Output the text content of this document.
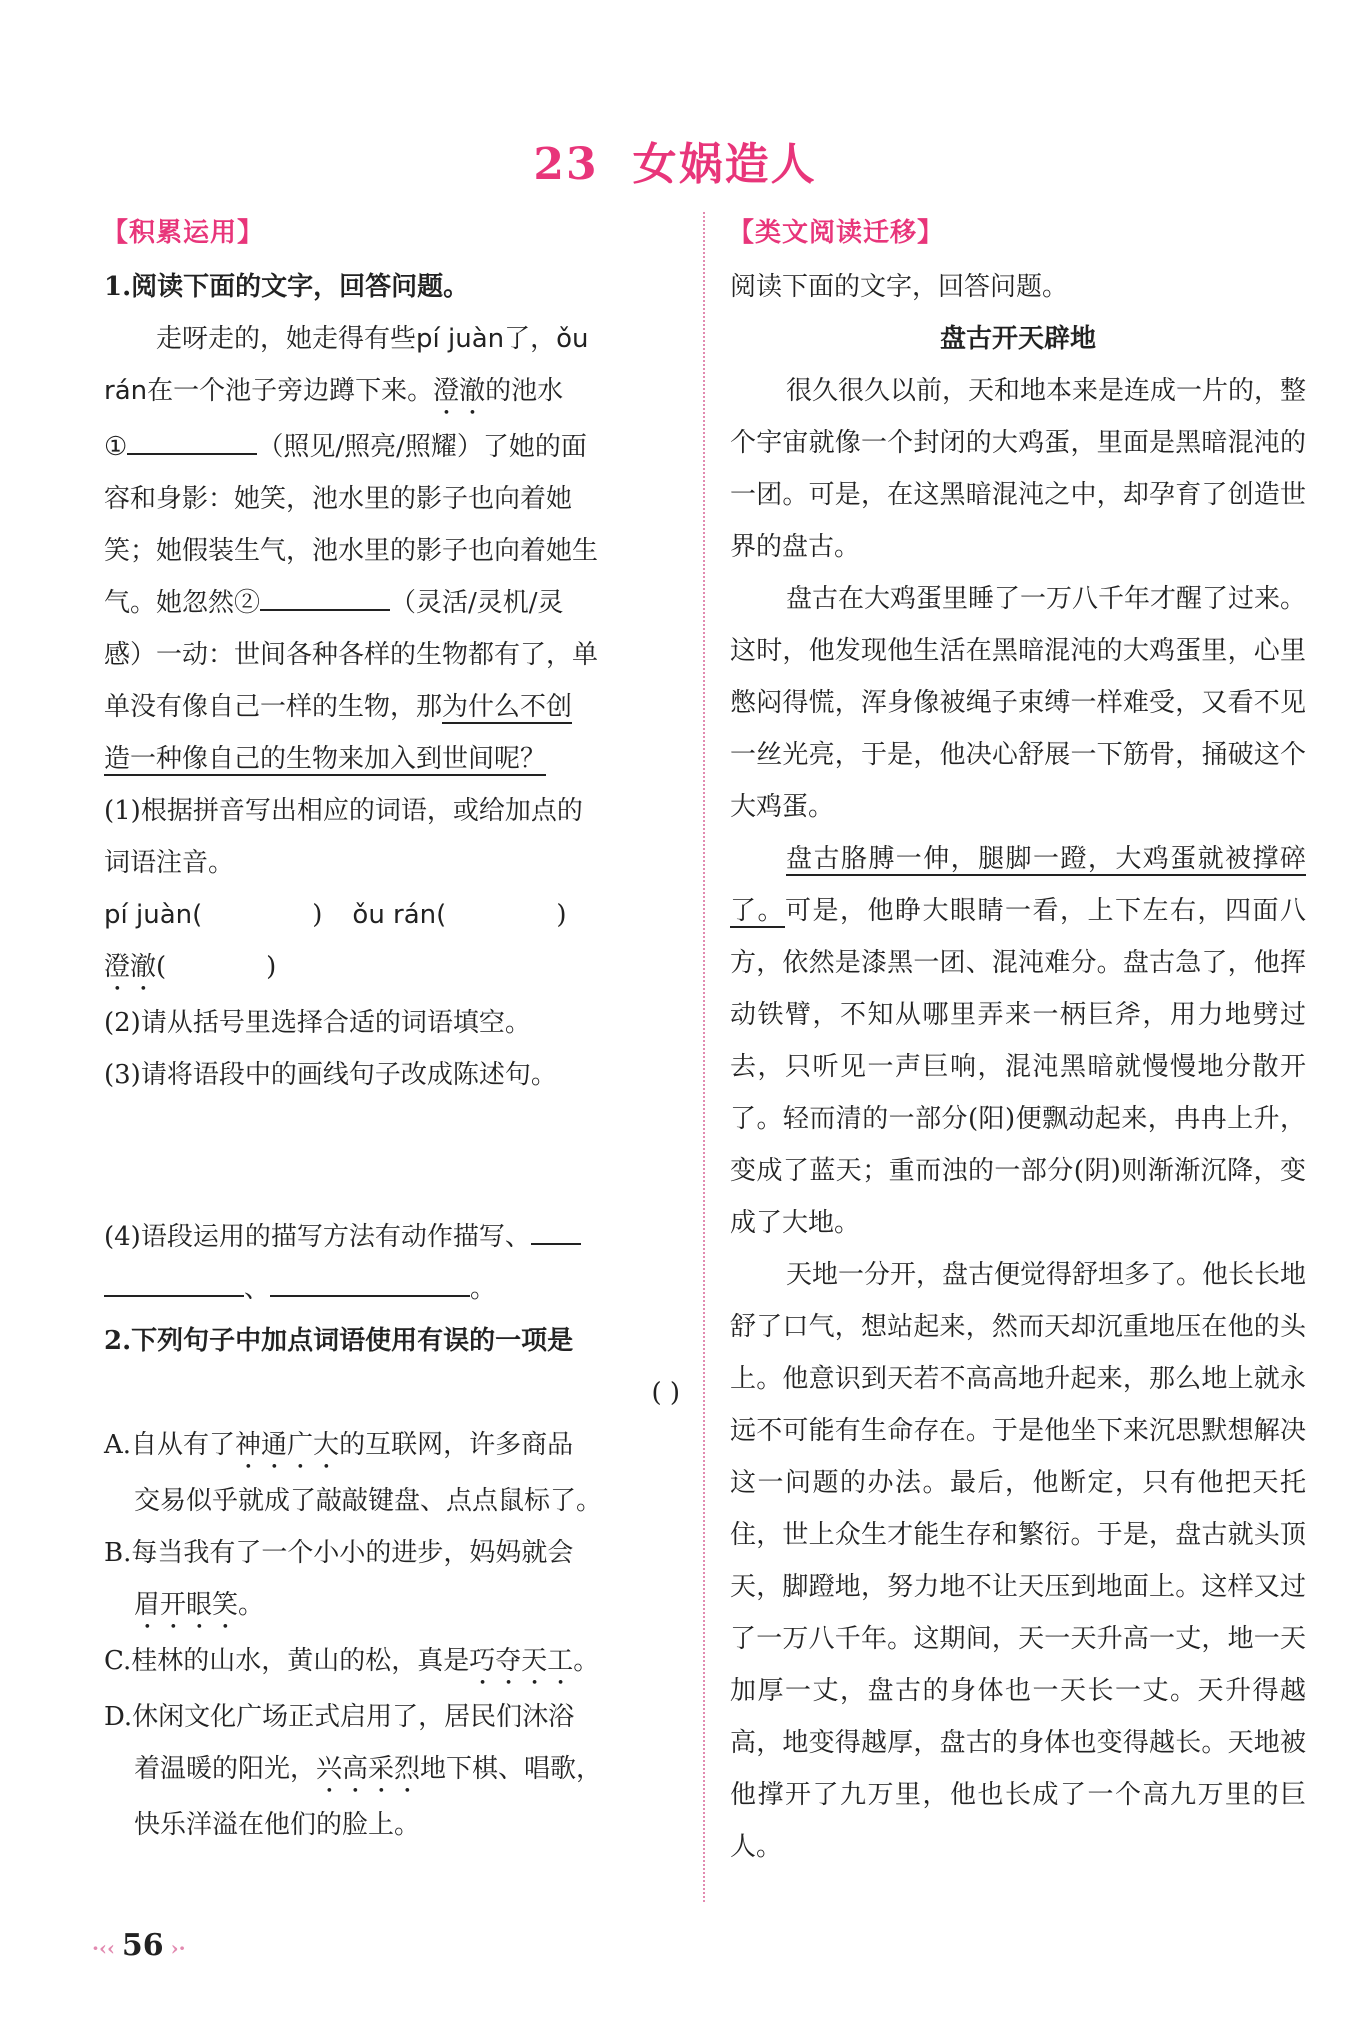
23 女娲造人
【积累运用】
1.阅读下面的文字，回答问题。
走呀走的，她走得有些pí juàn了，ǒu
rán在一个池子旁边蹲下来。澄澈的池水
①	（照见/照亮/照耀）了她的面
容和身影：她笑，池水里的影子也向着她
笑；她假装生气，池水里的影子也向着她生
气。她忽然②	（灵活/灵机/灵
感）一动：世间各种各样的生物都有了，单
单没有像自己一样的生物，那为什么不创
造一种像自己的生物来加入到世间呢？
(1)根据拼音写出相应的词语，或给加点的
词语注音。
pí juàn(	) ǒu rán(	)
澄澈(	)
(2)请从括号里选择合适的词语填空。
(3)请将语段中的画线句子改成陈述句。
(4)语段运用的描写方法有动作描写、
、	。
2.下列句子中加点词语使用有误的一项是
( )
A.自从有了神通广大的互联网，许多商品
交易似乎就成了敲敲键盘、点点鼠标了。
B.每当我有了一个小小的进步，妈妈就会
眉开眼笑。
C.桂林的山水，黄山的松，真是巧夺天工。
D.休闲文化广场正式启用了，居民们沐浴
着温暖的阳光，兴高采烈地下棋、唱歌，
快乐洋溢在他们的脸上。
【类文阅读迁移】
阅读下面的文字，回答问题。
盘古开天辟地
很久很久以前，天和地本来是连成一片的，整个宇宙就像一个封闭的大鸡蛋，里面是黑暗混沌的一团。可是，在这黑暗混沌之中，却孕育了创造世界的盘古。
盘古在大鸡蛋里睡了一万八千年才醒了过来。这时，他发现他生活在黑暗混沌的大鸡蛋里，心里憋闷得慌，浑身像被绳子束缚一样难受，又看不见一丝光亮，于是，他决心舒展一下筋骨，捅破这个大鸡蛋。
盘古胳膊一伸，腿脚一蹬，大鸡蛋就被撑碎了。可是，他睁大眼睛一看，上下左右，四面八方，依然是漆黑一团、混沌难分。盘古急了，他挥动铁臂，不知从哪里弄来一柄巨斧，用力地劈过去，只听见一声巨响，混沌黑暗就慢慢地分散开了。轻而清的一部分(阳)便飘动起来，冉冉上升，变成了蓝天；重而浊的一部分(阴)则渐渐沉降，变成了大地。
天地一分开，盘古便觉得舒坦多了。他长长地舒了口气，想站起来，然而天却沉重地压在他的头上。他意识到天若不高高地升起来，那么地上就永远不可能有生命存在。于是他坐下来沉思默想解决这一问题的办法。最后，他断定，只有他把天托住，世上众生才能生存和繁衍。于是，盘古就头顶天，脚蹬地，努力地不让天压到地面上。这样又过了一万八千年。这期间，天一天升高一丈，地一天加厚一丈，盘古的身体也一天长一丈。天升得越高，地变得越厚，盘古的身体也变得越长。天地被他撑开了九万里，他也长成了一个高九万里的巨人。
·‹‹ 56 ›·
